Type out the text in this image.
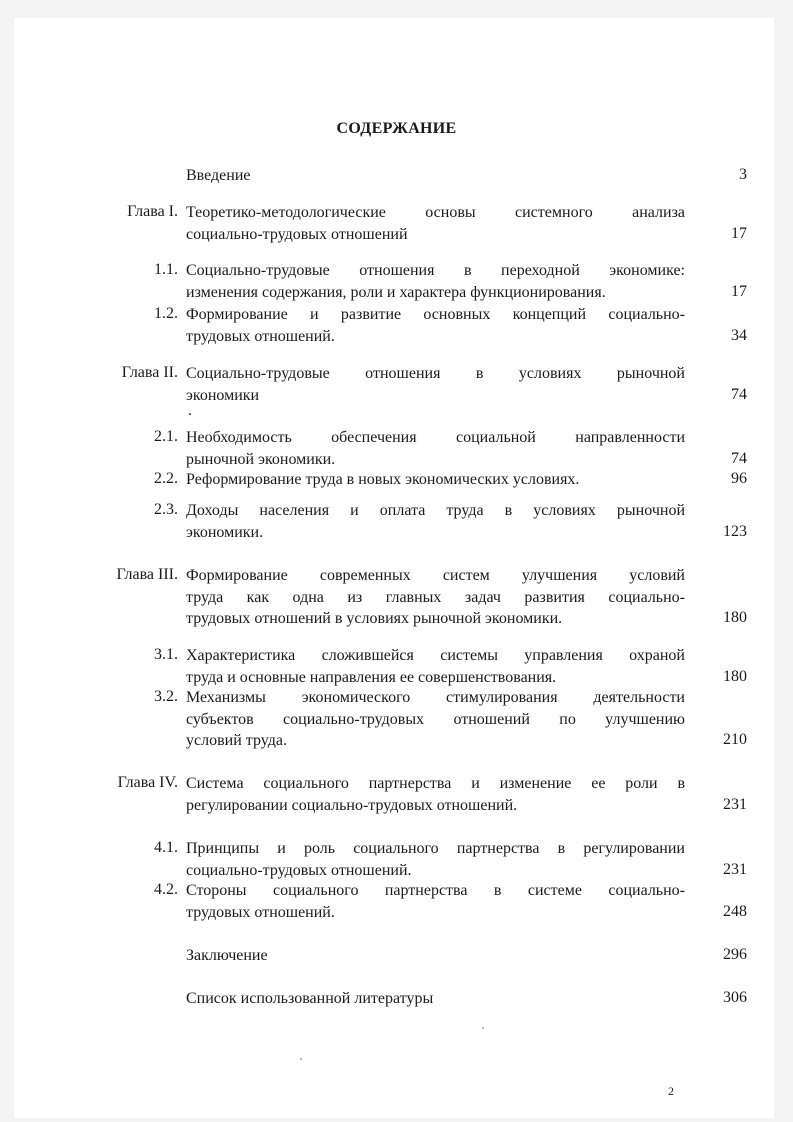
СОДЕРЖАНИЕ
Введение	3
Глава I. Теоретико-методологические основы системного анализа
социально-трудовых отношений	17
1.1. Социально-трудовые отношения в переходной экономике:
изменения содержания, роли и характера функционирования.	17
1.2. Формирование и развитие основных концепций социально-
трудовых отношений.	34
Глава II. Социально-трудовые отношения в условиях рыночной
экономики	74
2.1. Необходимость обеспечения социальной направленности
рыночной экономики.	74
2.2. Реформирование труда в новых экономических условиях.	96
2.3. Доходы населения и оплата труда в условиях рыночной
экономики.	123
Глава III. Формирование современных систем улучшения условий
труда как одна из главных задач развития социально-
трудовых отношений в условиях рыночной экономики.	180
3.1. Характеристика сложившейся системы управления охраной
труда и основные направления ее совершенствования.	180
3.2. Механизмы экономического стимулирования деятельности
субъектов социально-трудовых отношений по улучшению
условий труда.	210
Глава IV. Система социального партнерства и изменение ее роли в
регулировании социально-трудовых отношений.	231
4.1. Принципы и роль социального партнерства в регулировании
социально-трудовых отношений.	231
4.2. Стороны социального партнерства в системе социально-
трудовых отношений.	248
Заключение	296
Список использованной литературы	306
.
2
